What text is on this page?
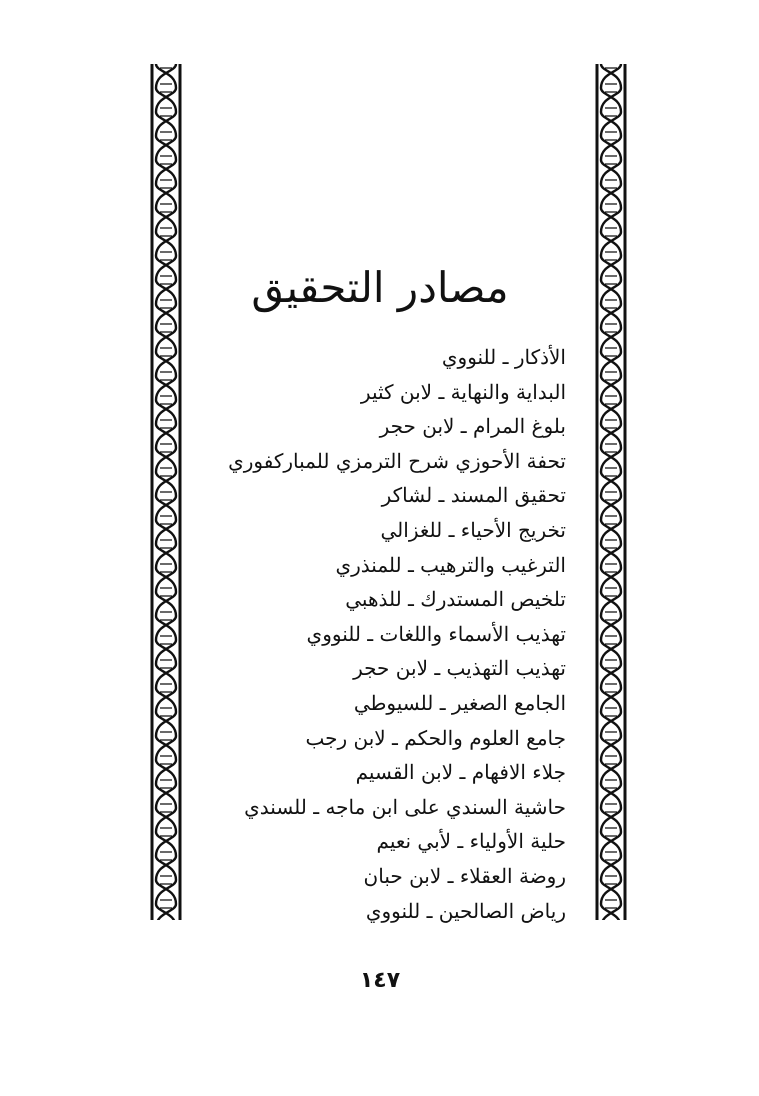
مصادر التحقيق
الأذكار ـ للنووي
البداية والنهاية ـ لابن كثير
بلوغ المرام ـ لابن حجر
تحفة الأحوزي شرح الترمزي للمباركفوري
تحقيق المسند ـ لشاكر
تخريج الأحياء ـ للغزالي
الترغيب والترهيب ـ للمنذري
تلخيص المستدرك ـ للذهبي
تهذيب الأسماء واللغات ـ للنووي
تهذيب التهذيب ـ لابن حجر
الجامع الصغير ـ للسيوطي
جامع العلوم والحكم ـ لابن رجب
جلاء الافهام ـ لابن القسيم
حاشية السندي على ابن ماجه ـ للسندي
حلية الأولياء ـ لأبي نعيم
روضة العقلاء ـ لابن حبان
رياض الصالحين ـ للنووي
١٤٧
